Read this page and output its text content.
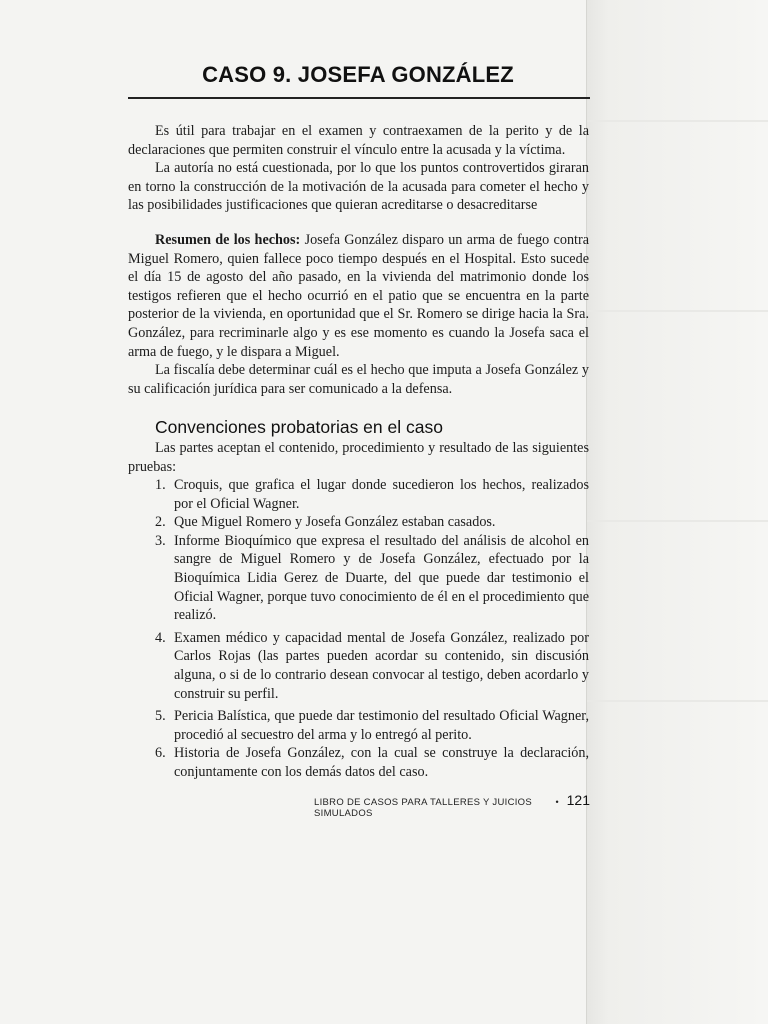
CASO 9. JOSEFA GONZÁLEZ

Es útil para trabajar en el examen y contraexamen de la perito y de la declaraciones que permiten construir el vínculo entre la acusada y la víctima.

La autoría no está cuestionada, por lo que los puntos controvertidos giraran en torno la construcción de la motivación de la acusada para cometer el hecho y las posibilidades justificaciones que quieran acreditarse o desacreditarse

Resumen de los hechos: Josefa González disparo un arma de fuego contra Miguel Romero, quien fallece poco tiempo después en el Hospital. Esto sucede el día 15 de agosto del año pasado, en la vivienda del matrimonio donde los testigos refieren que el hecho ocurrió en el patio que se encuentra en la parte posterior de la vivienda, en oportunidad que el Sr. Romero se dirige hacia la Sra. González, para recriminarle algo y es ese momento es cuando la Josefa saca el arma de fuego, y le dispara a Miguel.

La fiscalía debe determinar cuál es el hecho que imputa a Josefa González y su calificación jurídica para ser comunicado a la defensa.

Convenciones probatorias en el caso

Las partes aceptan el contenido, procedimiento y resultado de las siguientes pruebas:

1. Croquis, que grafica el lugar donde sucedieron los hechos, realizados por el Oficial Wagner.
2. Que Miguel Romero y Josefa González estaban casados.
3. Informe Bioquímico que expresa el resultado del análisis de alcohol en sangre de Miguel Romero y de Josefa González, efectuado por la Bioquímica Lidia Gerez de Duarte, del que puede dar testimonio el Oficial Wagner, porque tuvo conocimiento de él en el procedimiento que realizó.
4. Examen médico y capacidad mental de Josefa González, realizado por Carlos Rojas (las partes pueden acordar su contenido, sin discusión alguna, o si de lo contrario desean convocar al testigo, deben acordarlo y construir su perfil.
5. Pericia Balística, que puede dar testimonio del resultado Oficial Wagner, procedió al secuestro del arma y lo entregó al perito.
6. Historia de Josefa González, con la cual se construye la declaración, conjuntamente con los demás datos del caso.
LIBRO DE CASOS PARA TALLERES Y JUICIOS SIMULADOS
• 121
